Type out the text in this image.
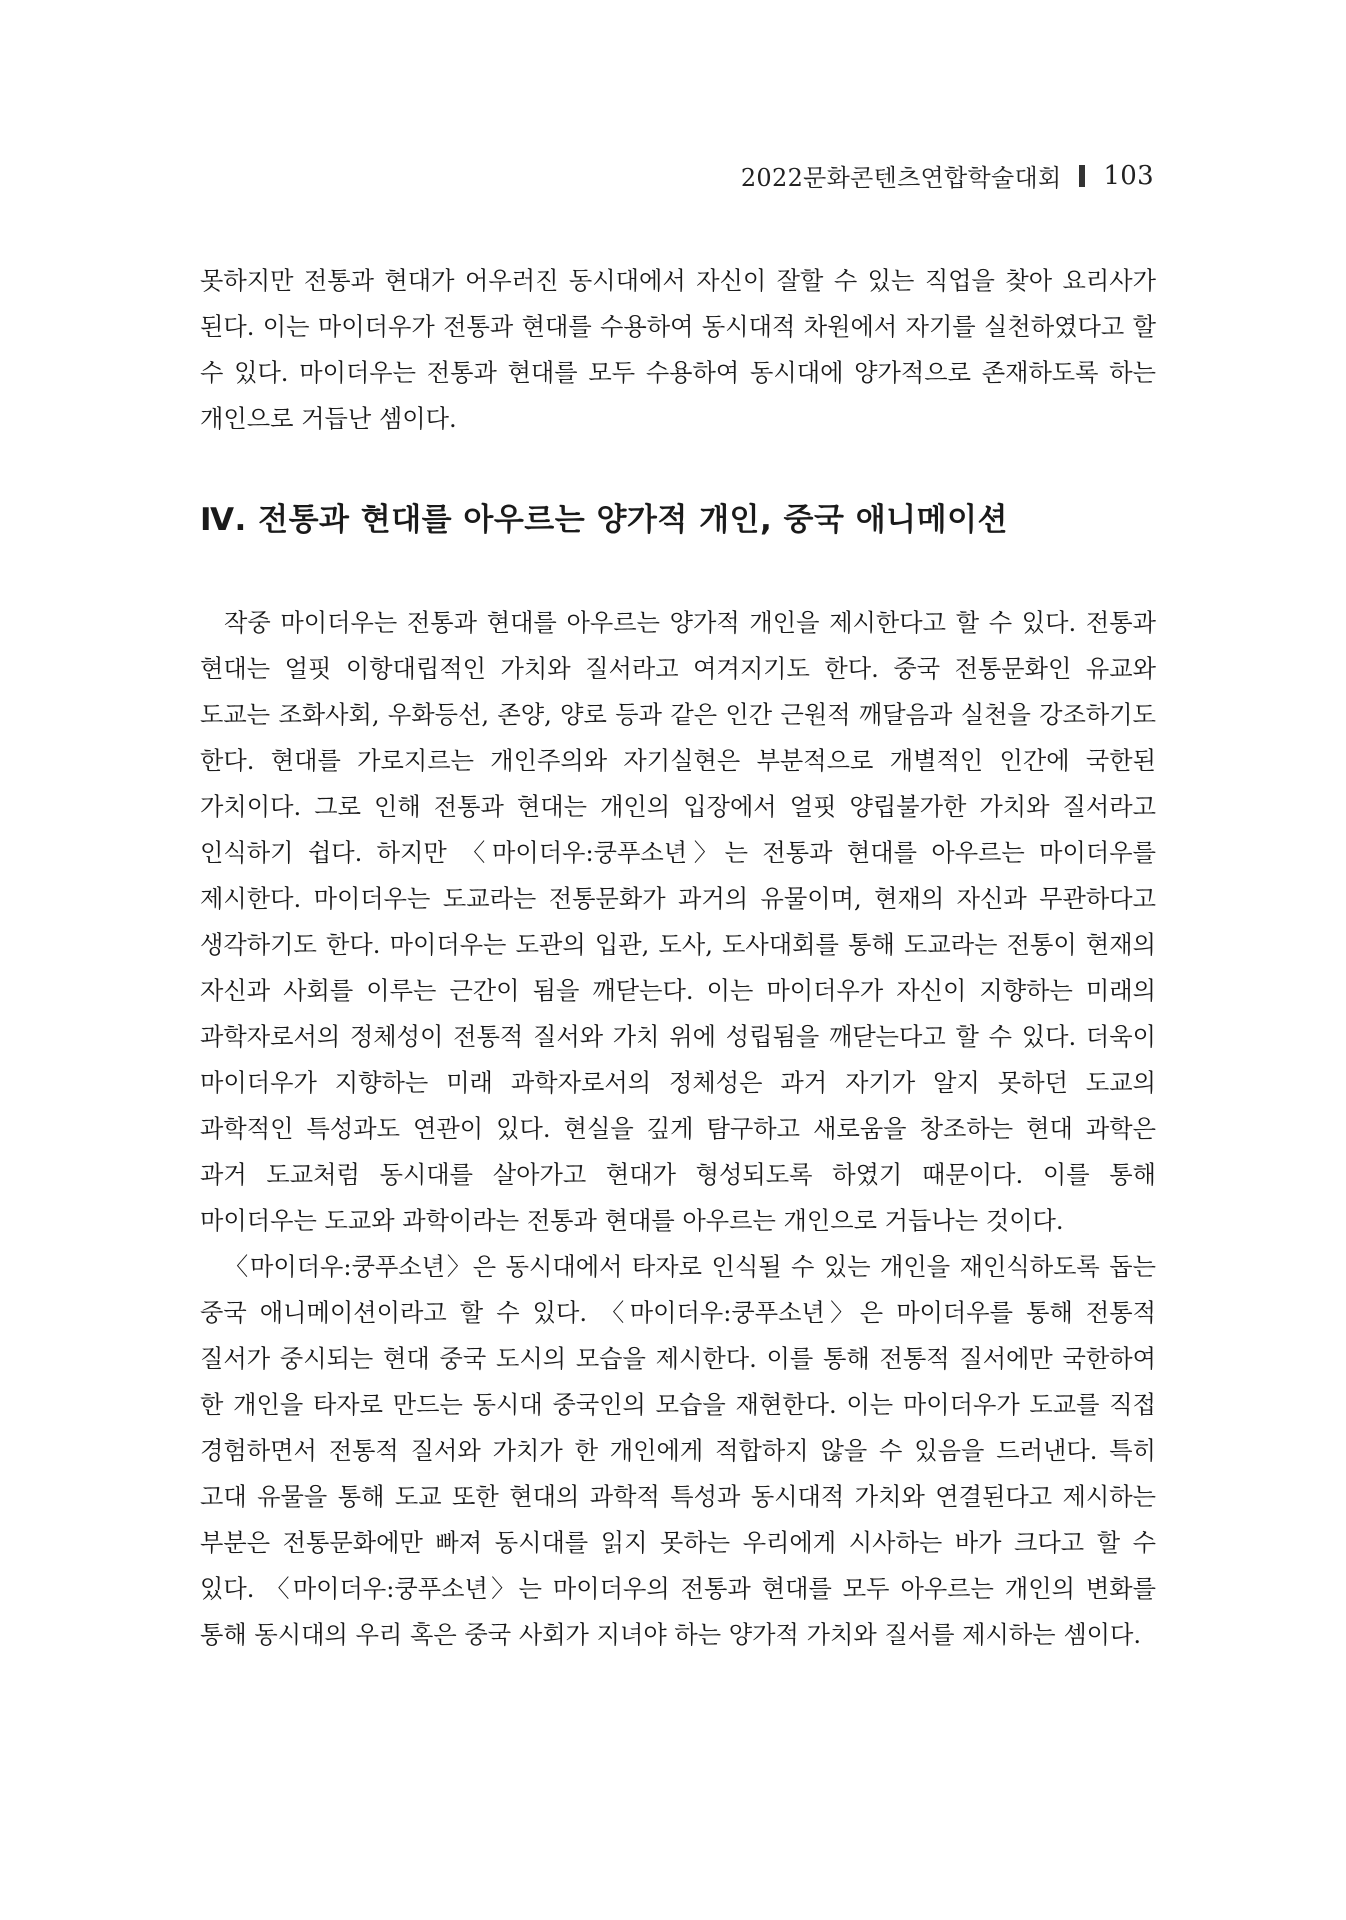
2022문화콘텐츠연합학술대회 103

못하지만 전통과 현대가 어우러진 동시대에서 자신이 잘할 수 있는 직업을 찾아 요리사가 된다. 이는 마이더우가 전통과 현대를 수용하여 동시대적 차원에서 자기를 실천하였다고 할 수 있다. 마이더우는 전통과 현대를 모두 수용하여 동시대에 양가적으로 존재하도록 하는 개인으로 거듭난 셈이다.

Ⅳ. 전통과 현대를 아우르는 양가적 개인, 중국 애니메이션

작중 마이더우는 전통과 현대를 아우르는 양가적 개인을 제시한다고 할 수 있다. 전통과 현대는 얼핏 이항대립적인 가치와 질서라고 여겨지기도 한다. 중국 전통문화인 유교와 도교는 조화사회, 우화등선, 존양, 양로 등과 같은 인간 근원적 깨달음과 실천을 강조하기도 한다. 현대를 가로지르는 개인주의와 자기실현은 부분적으로 개별적인 인간에 국한된 가치이다. 그로 인해 전통과 현대는 개인의 입장에서 얼핏 양립불가한 가치와 질서라고 인식하기 쉽다. 하지만 〈마이더우:쿵푸소년〉는 전통과 현대를 아우르는 마이더우를 제시한다. 마이더우는 도교라는 전통문화가 과거의 유물이며, 현재의 자신과 무관하다고 생각하기도 한다. 마이더우는 도관의 입관, 도사, 도사대회를 통해 도교라는 전통이 현재의 자신과 사회를 이루는 근간이 됨을 깨닫는다. 이는 마이더우가 자신이 지향하는 미래의 과학자로서의 정체성이 전통적 질서와 가치 위에 성립됨을 깨닫는다고 할 수 있다. 더욱이 마이더우가 지향하는 미래 과학자로서의 정체성은 과거 자기가 알지 못하던 도교의 과학적인 특성과도 연관이 있다. 현실을 깊게 탐구하고 새로움을 창조하는 현대 과학은 과거 도교처럼 동시대를 살아가고 현대가 형성되도록 하였기 때문이다. 이를 통해 마이더우는 도교와 과학이라는 전통과 현대를 아우르는 개인으로 거듭나는 것이다.

〈마이더우:쿵푸소년〉은 동시대에서 타자로 인식될 수 있는 개인을 재인식하도록 돕는 중국 애니메이션이라고 할 수 있다. 〈마이더우:쿵푸소년〉은 마이더우를 통해 전통적 질서가 중시되는 현대 중국 도시의 모습을 제시한다. 이를 통해 전통적 질서에만 국한하여 한 개인을 타자로 만드는 동시대 중국인의 모습을 재현한다. 이는 마이더우가 도교를 직접 경험하면서 전통적 질서와 가치가 한 개인에게 적합하지 않을 수 있음을 드러낸다. 특히 고대 유물을 통해 도교 또한 현대의 과학적 특성과 동시대적 가치와 연결된다고 제시하는 부분은 전통문화에만 빠져 동시대를 읽지 못하는 우리에게 시사하는 바가 크다고 할 수 있다. 〈마이더우:쿵푸소년〉는 마이더우의 전통과 현대를 모두 아우르는 개인의 변화를 통해 동시대의 우리 혹은 중국 사회가 지녀야 하는 양가적 가치와 질서를 제시하는 셈이다.
